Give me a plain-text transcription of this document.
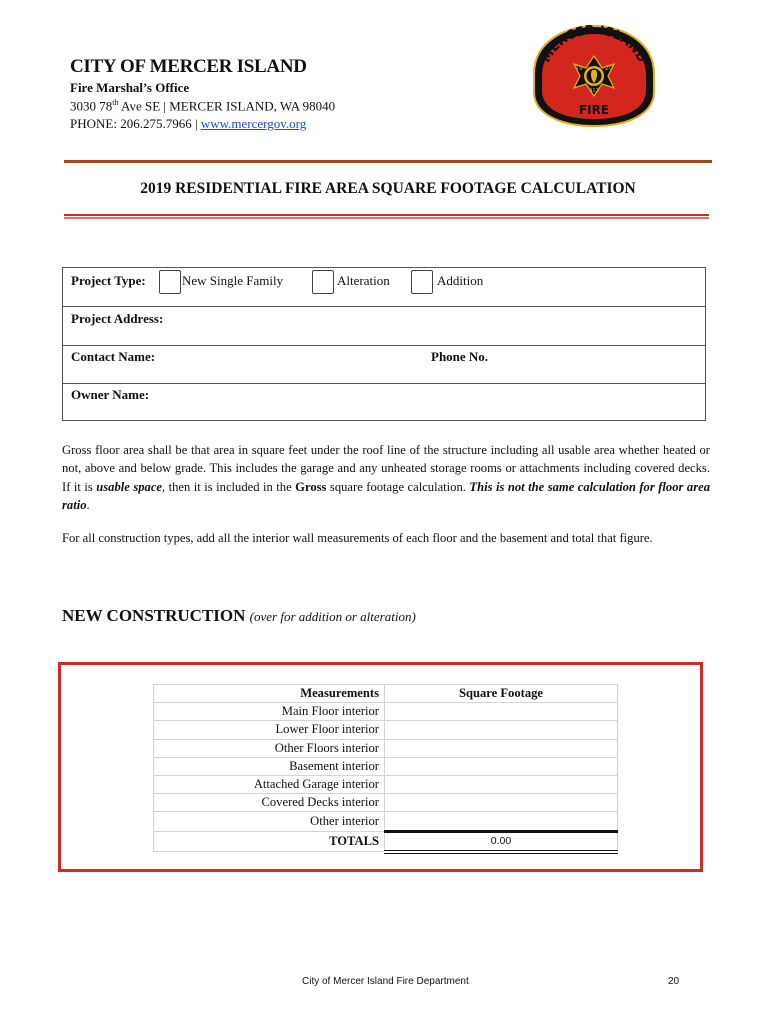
CITY OF MERCER ISLAND
Fire Marshal’s Office
3030 78th Ave SE | MERCER ISLAND, WA 98040
PHONE: 206.275.7966 | www.mercergov.org
MERCER ISLAND
19	20
911
FIRE
2019 RESIDENTIAL FIRE AREA SQUARE FOOTAGE CALCULATION
Project Type:	New Single Family	Alteration	Addition
Project Address:
Contact Name:	Phone No.
Owner Name:
Gross floor area shall be that area in square feet under the roof line of the structure including all usable area whether heated or not, above and below grade. This includes the garage and any unheated storage rooms or attachments including covered decks. If it is usable space, then it is included in the Gross square footage calculation. This is not the same calculation for floor area ratio.
For all construction types, add all the interior wall measurements of each floor and the basement and total that figure.
NEW CONSTRUCTION (over for addition or alteration)
Measurements	Square Footage
Main Floor interior	
Lower Floor interior	
Other Floors interior	
Basement interior	
Attached Garage interior	
Covered Decks interior	
Other interior	
TOTALS	0.00
City of Mercer Island Fire Department	20
